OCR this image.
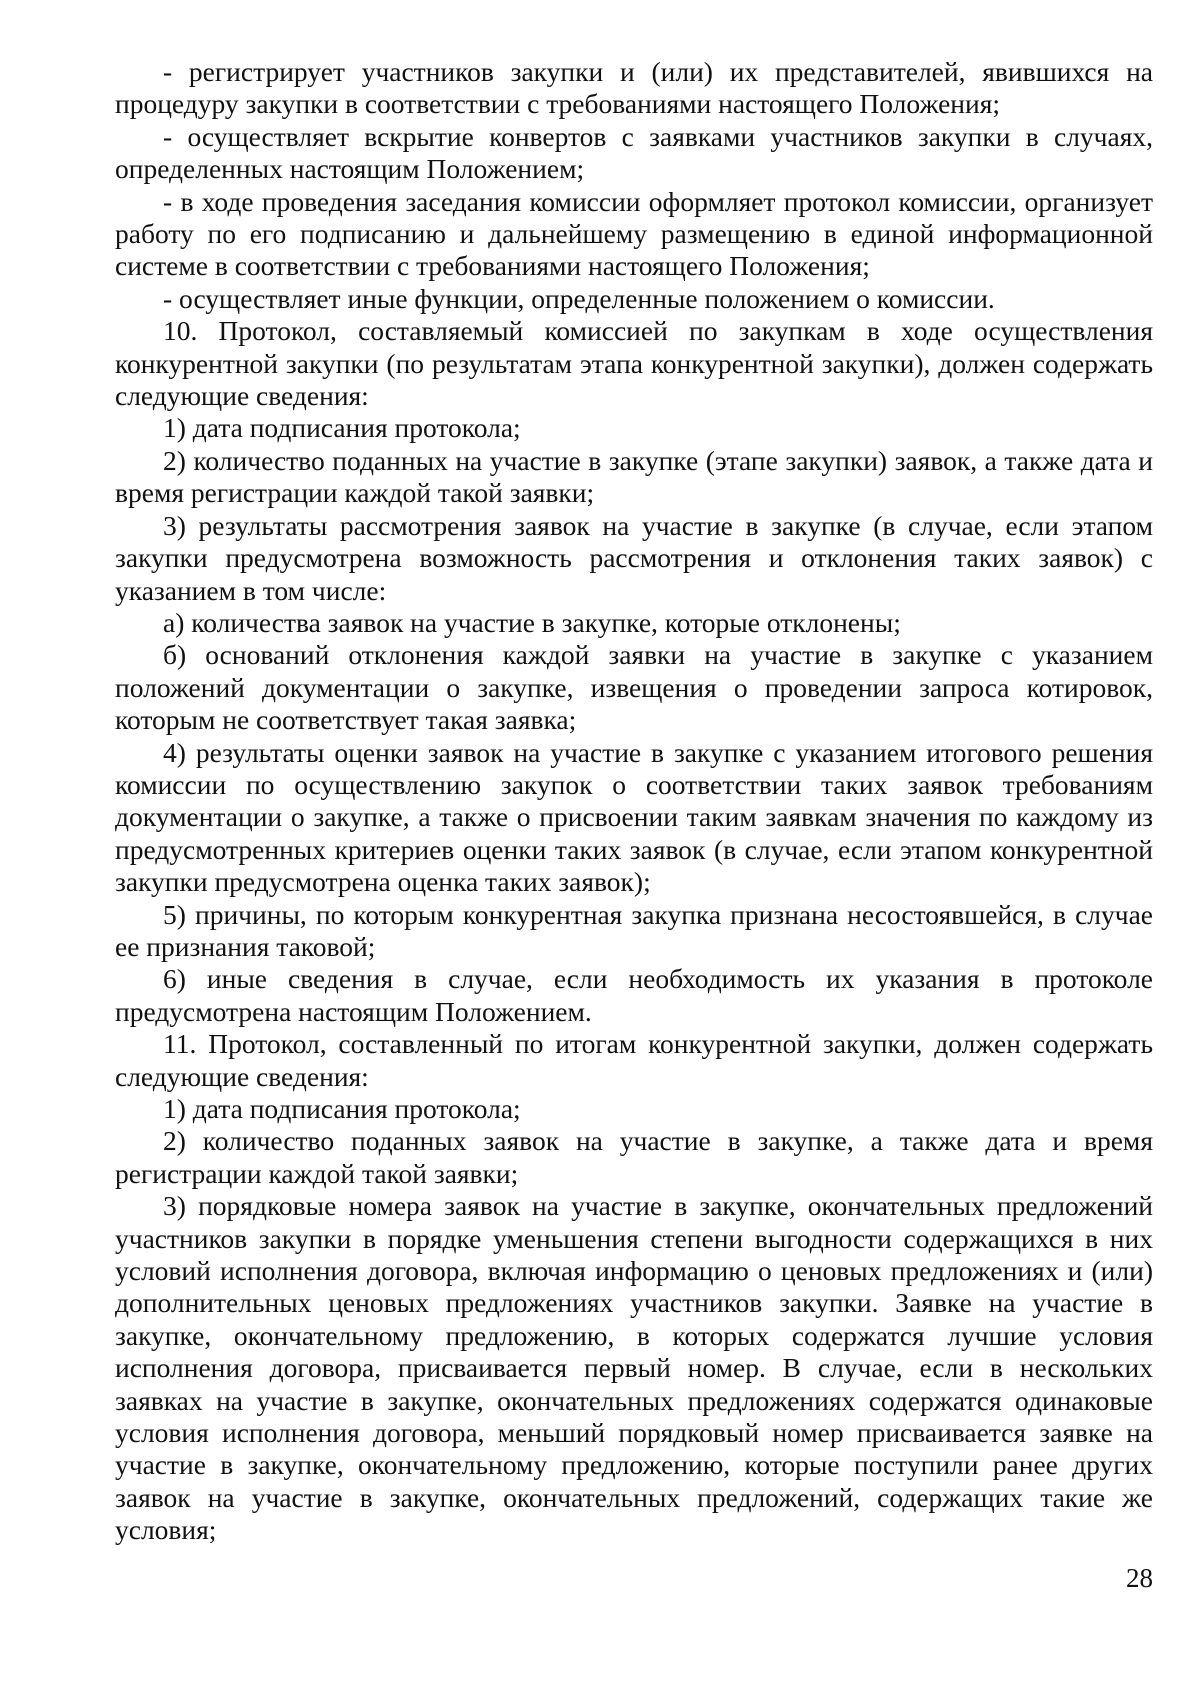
- регистрирует участников закупки и (или) их представителей, явившихся на процедуру закупки в соответствии с требованиями настоящего Положения;

- осуществляет вскрытие конвертов с заявками участников закупки в случаях, определенных настоящим Положением;

- в ходе проведения заседания комиссии оформляет протокол комиссии, организует работу по его подписанию и дальнейшему размещению в единой информационной системе в соответствии с требованиями настоящего Положения;

- осуществляет иные функции, определенные положением о комиссии.

10. Протокол, составляемый комиссией по закупкам в ходе осуществления конкурентной закупки (по результатам этапа конкурентной закупки), должен содержать следующие сведения:

1) дата подписания протокола;

2) количество поданных на участие в закупке (этапе закупки) заявок, а также дата и время регистрации каждой такой заявки;

3) результаты рассмотрения заявок на участие в закупке (в случае, если этапом закупки предусмотрена возможность рассмотрения и отклонения таких заявок) с указанием в том числе:

а) количества заявок на участие в закупке, которые отклонены;

б) оснований отклонения каждой заявки на участие в закупке с указанием положений документации о закупке, извещения о проведении запроса котировок, которым не соответствует такая заявка;

4) результаты оценки заявок на участие в закупке с указанием итогового решения комиссии по осуществлению закупок о соответствии таких заявок требованиям документации о закупке, а также о присвоении таким заявкам значения по каждому из предусмотренных критериев оценки таких заявок (в случае, если этапом конкурентной закупки предусмотрена оценка таких заявок);

5) причины, по которым конкурентная закупка признана несостоявшейся, в случае ее признания таковой;

6) иные сведения в случае, если необходимость их указания в протоколе предусмотрена настоящим Положением.

11. Протокол, составленный по итогам конкурентной закупки, должен содержать следующие сведения:

1) дата подписания протокола;

2) количество поданных заявок на участие в закупке, а также дата и время регистрации каждой такой заявки;

3) порядковые номера заявок на участие в закупке, окончательных предложений участников закупки в порядке уменьшения степени выгодности содержащихся в них условий исполнения договора, включая информацию о ценовых предложениях и (или) дополнительных ценовых предложениях участников закупки. Заявке на участие в закупке, окончательному предложению, в которых содержатся лучшие условия исполнения договора, присваивается первый номер. В случае, если в нескольких заявках на участие в закупке, окончательных предложениях содержатся одинаковые условия исполнения договора, меньший порядковый номер присваивается заявке на участие в закупке, окончательному предложению, которые поступили ранее других заявок на участие в закупке, окончательных предложений, содержащих такие же условия;

28
